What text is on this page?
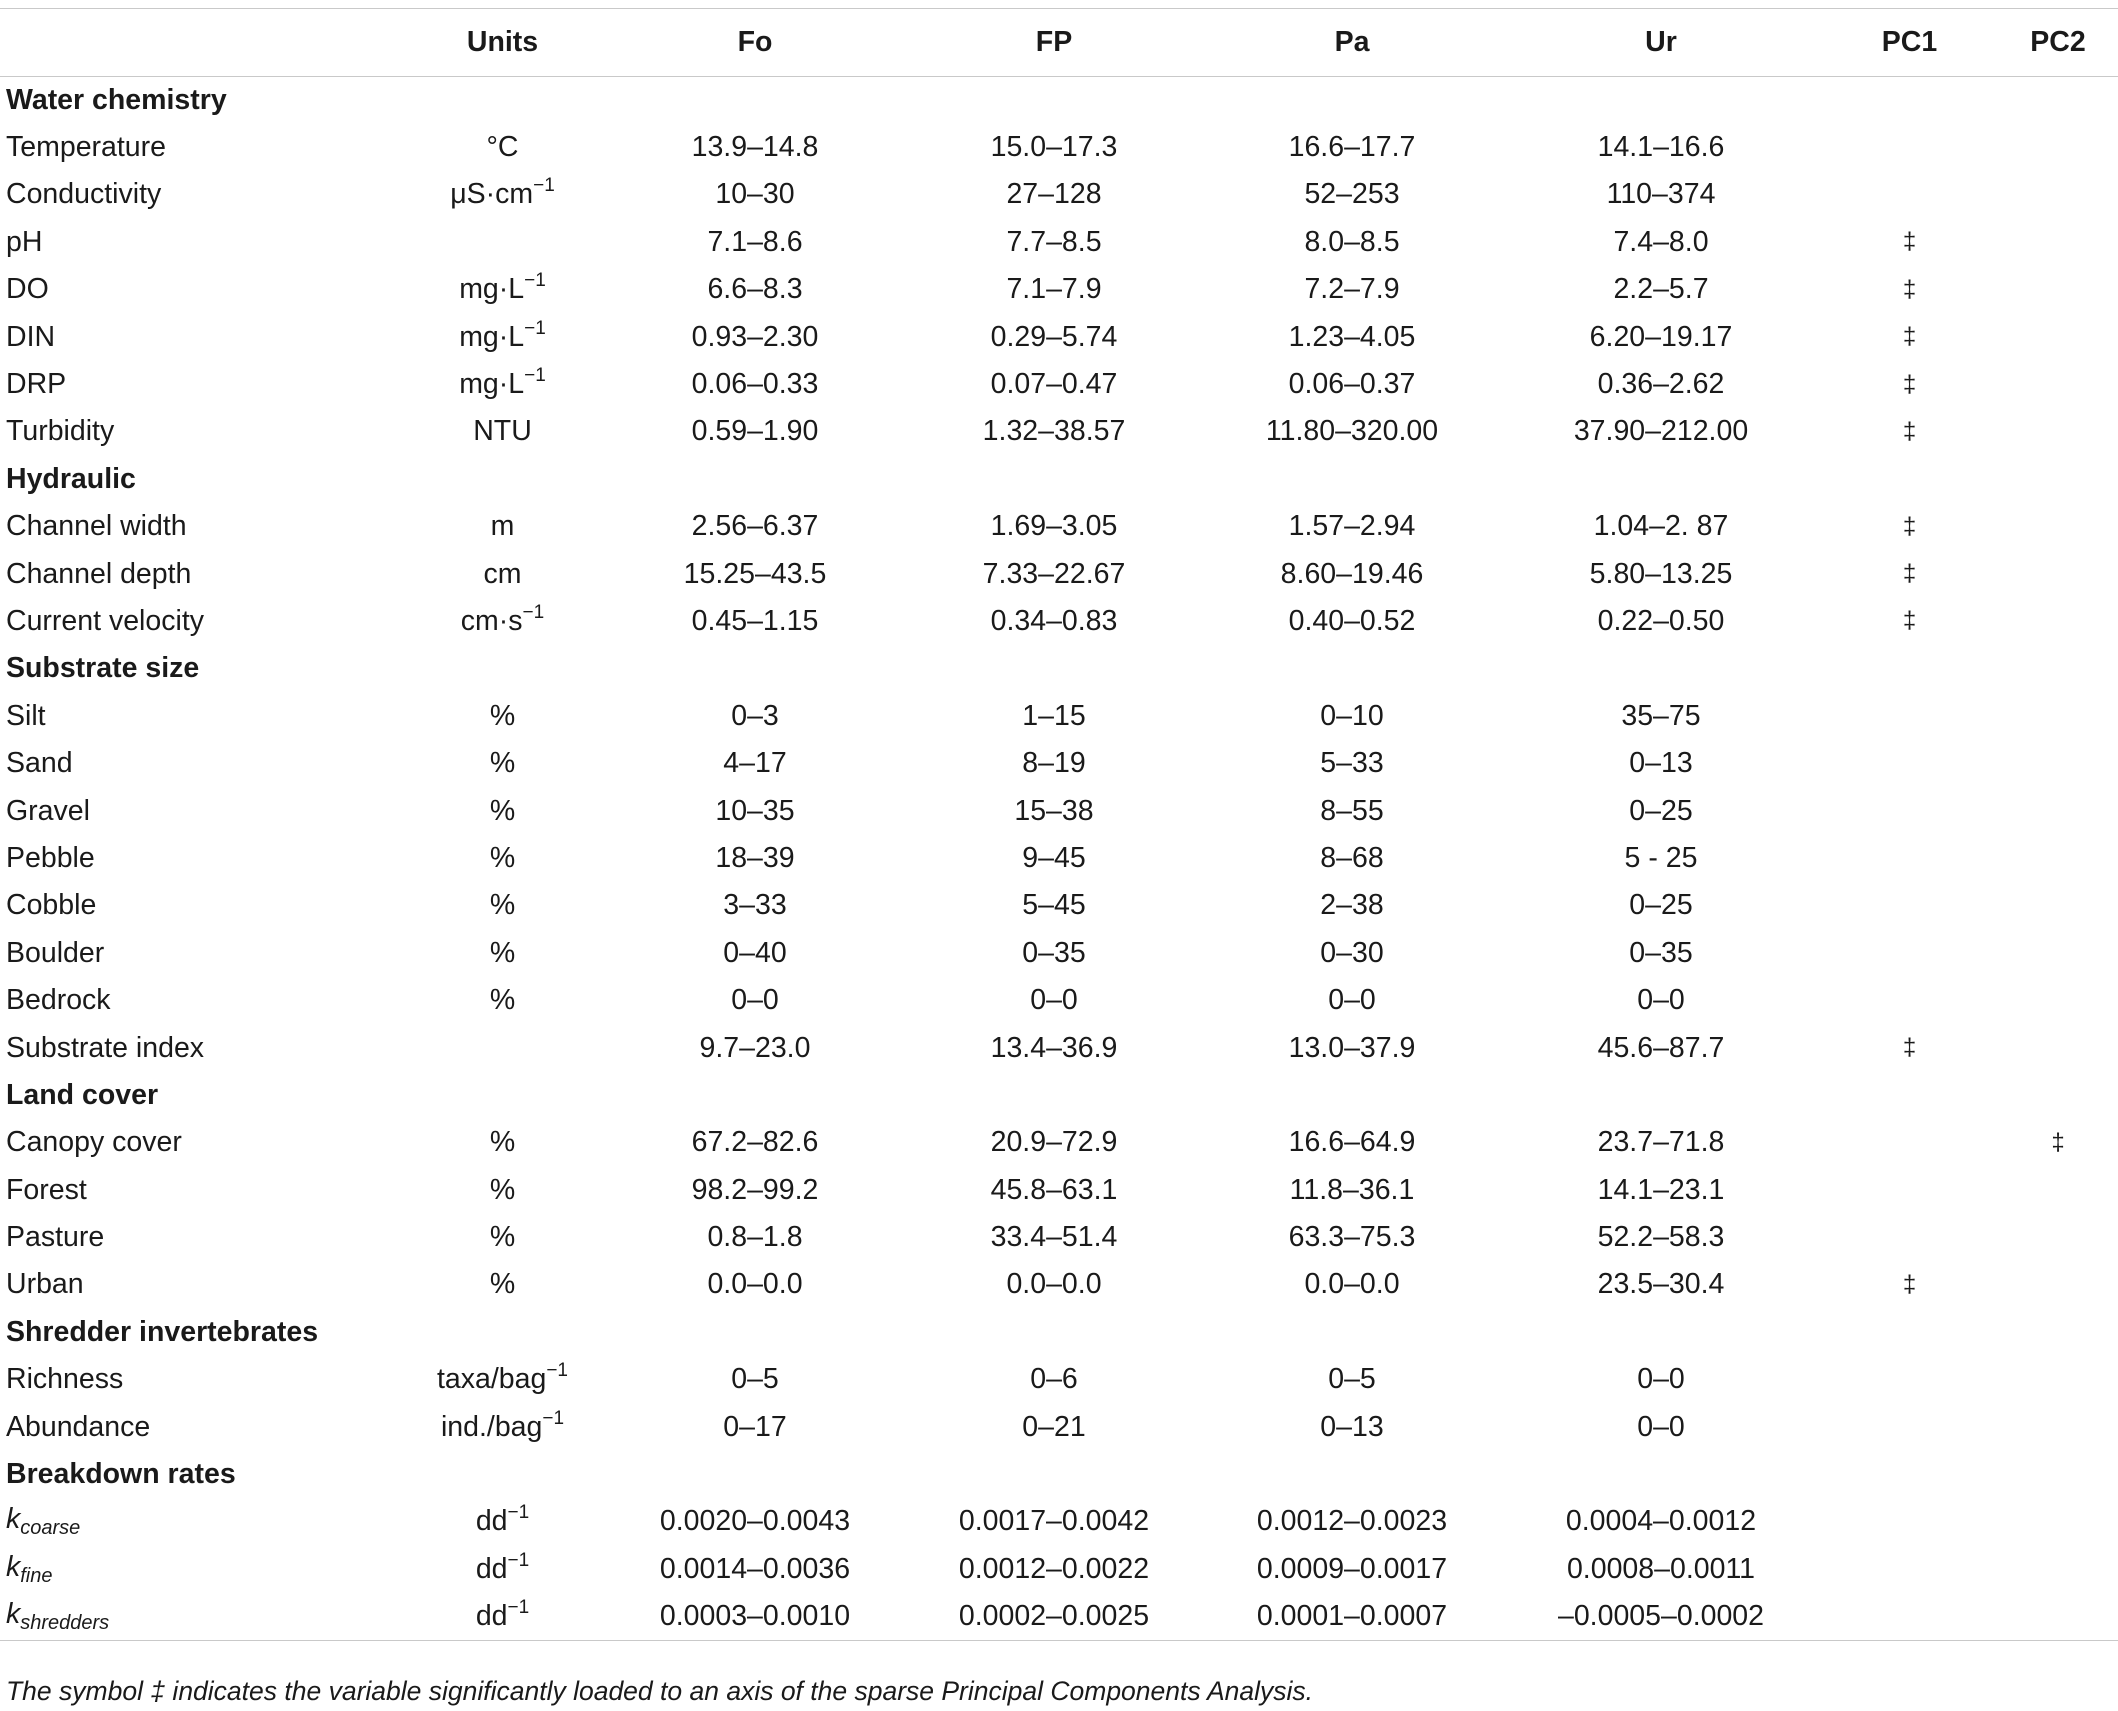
	Units	Fo	FP	Pa	Ur	PC1	PC2
Water chemistry							
Temperature	°C	13.9–14.8	15.0–17.3	16.6–17.7	14.1–16.6		
Conductivity	$\mu S\cdot cm^{-1}$	10–30	27–128	52–253	110–374		
pH		7.1–8.6	7.7–8.5	8.0–8.5	7.4–8.0	‡	
DO	$mg\cdot L^{-1}$	6.6–8.3	7.1–7.9	7.2–7.9	2.2–5.7	‡	
DIN	$mg\cdot L^{-1}$	0.93–2.30	0.29–5.74	1.23–4.05	6.20–19.17	‡	
DRP	$mg\cdot L^{-1}$	0.06–0.33	0.07–0.47	0.06–0.37	0.36–2.62	‡	
Turbidity	NTU	0.59–1.90	1.32–38.57	11.80–320.00	37.90–212.00	‡	
Hydraulic							
Channel width	m	2.56–6.37	1.69–3.05	1.57–2.94	1.04–2. 87	‡	
Channel depth	cm	15.25–43.5	7.33–22.67	8.60–19.46	5.80–13.25	‡	
Current velocity	$cm\cdot s^{-1}$	0.45–1.15	0.34–0.83	0.40–0.52	0.22–0.50	‡	
Substrate size							
Silt	%	0–3	1–15	0–10	35–75		
Sand	%	4–17	8–19	5–33	0–13		
Gravel	%	10–35	15–38	8–55	0–25		
Pebble	%	18–39	9–45	8–68	5 - 25		
Cobble	%	3–33	5–45	2–38	0–25		
Boulder	%	0–40	0–35	0–30	0–35		
Bedrock	%	0–0	0–0	0–0	0–0		
Substrate index		9.7–23.0	13.4–36.9	13.0–37.9	45.6–87.7	‡	
Land cover							
Canopy cover	%	67.2–82.6	20.9–72.9	16.6–64.9	23.7–71.8		‡
Forest	%	98.2–99.2	45.8–63.1	11.8–36.1	14.1–23.1		
Pasture	%	0.8–1.8	33.4–51.4	63.3–75.3	52.2–58.3		
Urban	%	0.0–0.0	0.0–0.0	0.0–0.0	23.5–30.4	‡	
Shredder invertebrates							
Richness	taxa/bag$^{-1}$	0–5	0–6	0–5	0–0		
Abundance	ind./bag$^{-1}$	0–17	0–21	0–13	0–0		
Breakdown rates							
$k_{coarse}$	$dd^{-1}$	0.0020–0.0043	0.0017–0.0042	0.0012–0.0023	0.0004–0.0012		
$k_{fine}$	$dd^{-1}$	0.0014–0.0036	0.0012–0.0022	0.0009–0.0017	0.0008–0.0011		
$k_{shredders}$	$dd^{-1}$	0.0003–0.0010	0.0002–0.0025	0.0001–0.0007	–0.0005–0.0002		
The symbol ‡ indicates the variable significantly loaded to an axis of the sparse Principal Components Analysis.
